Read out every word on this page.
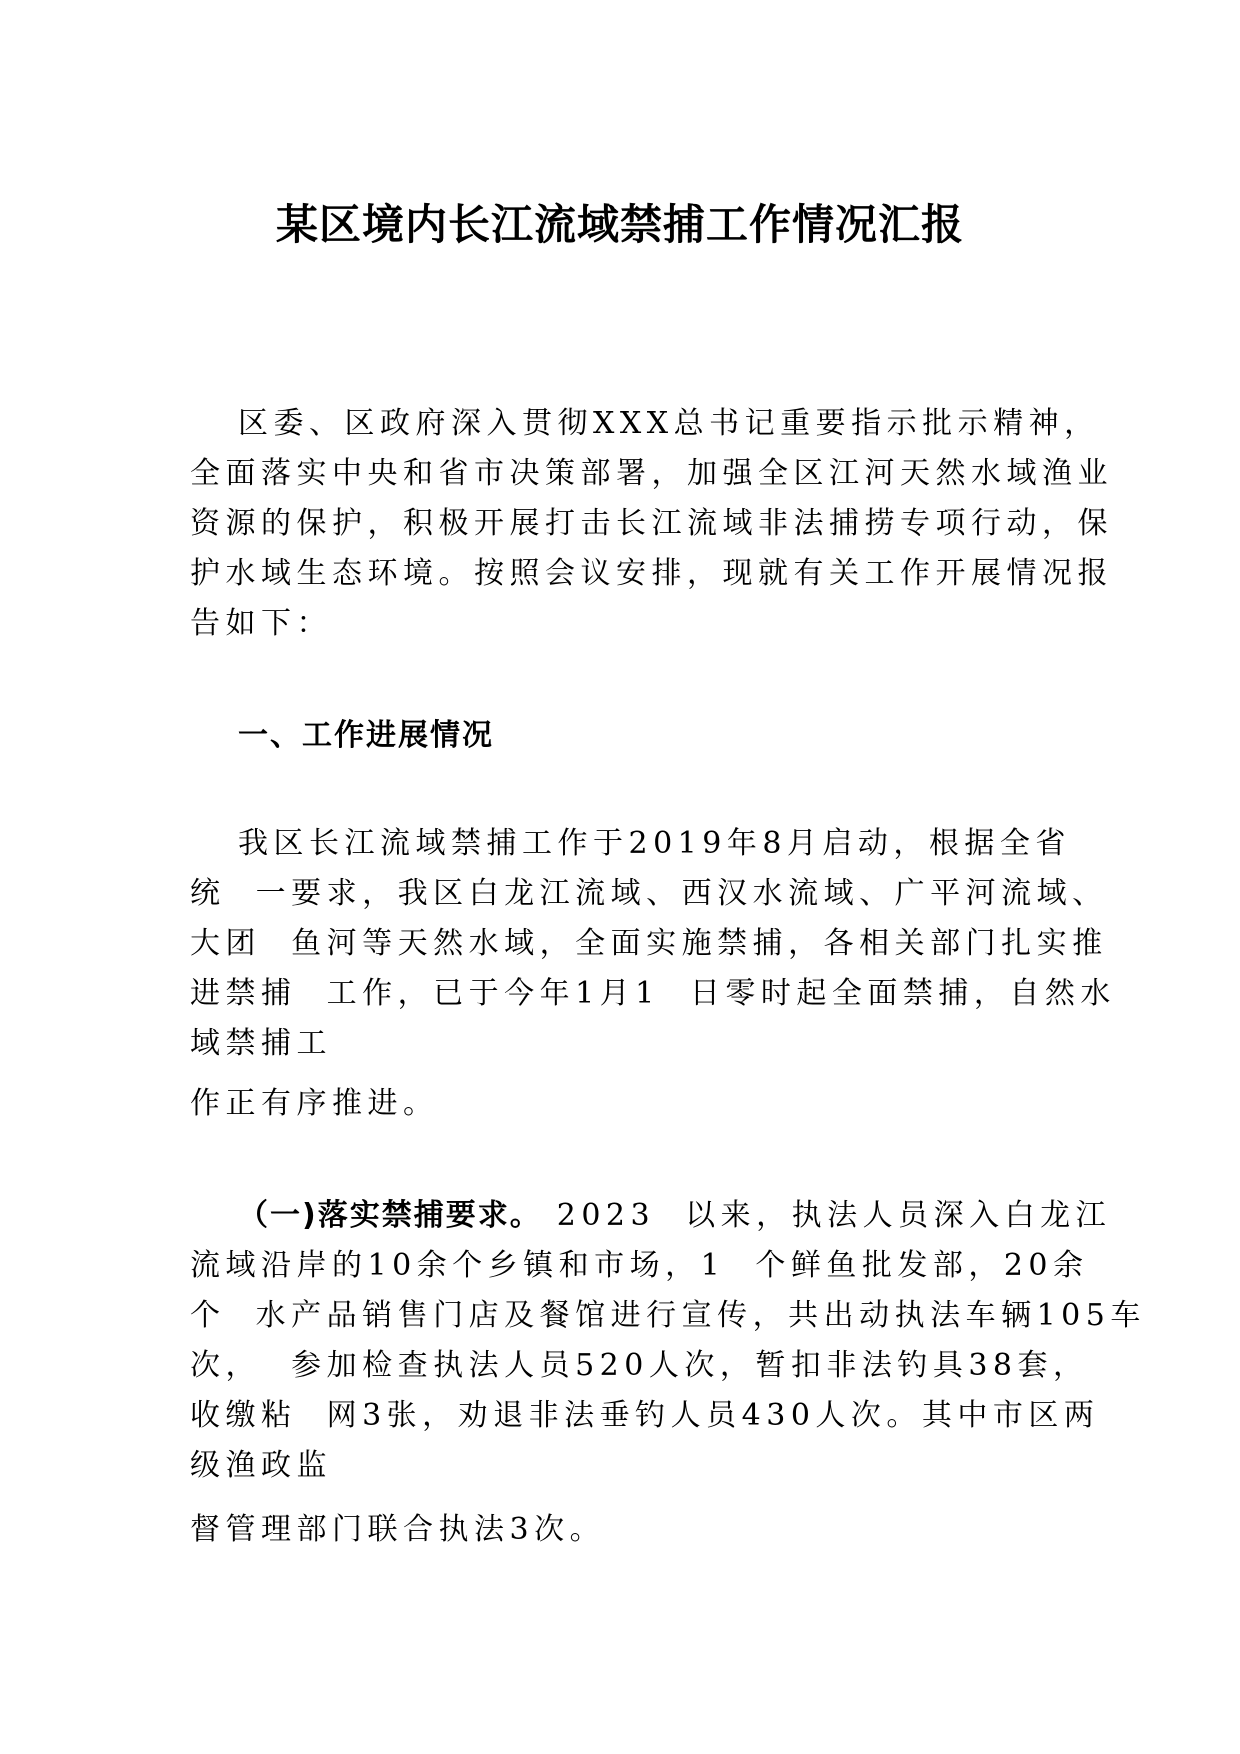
某区境内长江流域禁捕工作情况汇报
区委、区政府深入贯彻XXX总书记重要指示批示精神，
全面落实中央和省市决策部署，加强全区江河天然水域渔业
资源的保护，积极开展打击长江流域非法捕捞专项行动，保
护水域生态环境。按照会议安排，现就有关工作开展情况报
告如下：
一、工作进展情况
我区长江流域禁捕工作于2019年8月启动，根据全省
统  一要求，我区白龙江流域、西汉水流域、广平河流域、
大团  鱼河等天然水域，全面实施禁捕，各相关部门扎实推
进禁捕  工作，已于今年1月1  日零时起全面禁捕，自然水
域禁捕工
作正有序推进。
（一)落实禁捕要求。 2023  以来，执法人员深入白龙江
流域沿岸的10余个乡镇和市场，1  个鲜鱼批发部，20余
个  水产品销售门店及餐馆进行宣传，共出动执法车辆105车
次，  参加检查执法人员520人次，暂扣非法钓具38套，
收缴粘  网3张，劝退非法垂钓人员430人次。其中市区两
级渔政监
督管理部门联合执法3次。
